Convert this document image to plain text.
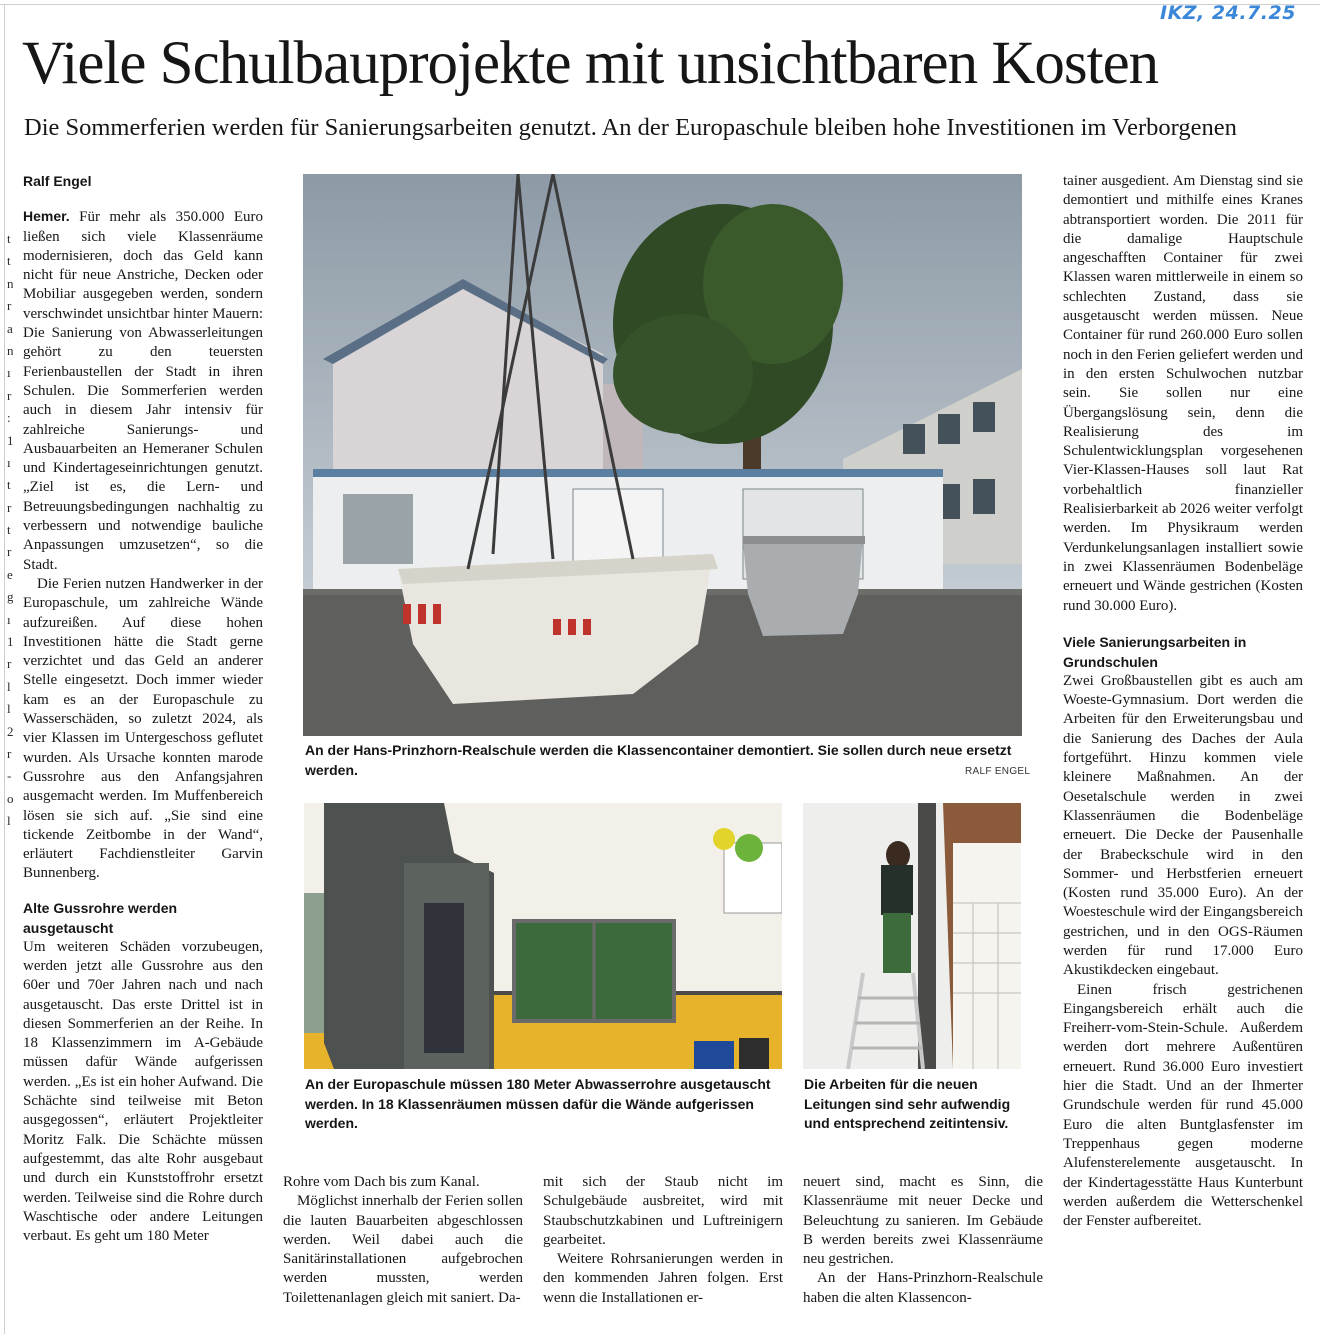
IKZ, 24.7.25
Viele Schulbauprojekte mit unsichtbaren Kosten
Die Sommerferien werden für Sanierungsarbeiten genutzt. An der Europaschule bleiben hohe Investitionen im Verborgenen
t
t
n
r
a
n
ı
r
:
1
ı
t
r
t
r
e
g
ı
1
r
l
l
2
r
-
o
l

Ralf Engel

Hemer. Für mehr als 350.000 Euro ließen sich viele Klassenräume modernisieren, doch das Geld kann nicht für neue Anstriche, Decken oder Mobiliar ausgegeben werden, sondern verschwindet unsichtbar hinter Mauern: Die Sanierung von Abwasserleitungen gehört zu den teuersten Ferienbaustellen der Stadt in ihren Schulen. Die Sommerferien werden auch in diesem Jahr intensiv für zahlreiche Sanierungs- und Ausbauarbeiten an Hemeraner Schulen und Kindertageseinrichtungen genutzt. „Ziel ist es, die Lern- und Betreuungsbedingungen nachhaltig zu verbessern und notwendige bauliche Anpassungen umzusetzen“, so die Stadt.

Die Ferien nutzen Handwerker in der Europaschule, um zahlreiche Wände aufzureißen. Auf diese hohen Investitionen hätte die Stadt gerne verzichtet und das Geld an anderer Stelle eingesetzt. Doch immer wieder kam es an der Europaschule zu Wasserschäden, so zuletzt 2024, als vier Klassen im Untergeschoss geflutet wurden. Als Ursache konnten marode Gussrohre aus den Anfangsjahren ausgemacht werden. Im Muffenbereich lösen sie sich auf. „Sie sind eine tickende Zeitbombe in der Wand“, erläutert Fachdienstleiter Garvin Bunnenberg.

Alte Gussrohre werden ausgetauscht

Um weiteren Schäden vorzubeugen, werden jetzt alle Gussrohre aus den 60er und 70er Jahren nach und nach ausgetauscht. Das erste Drittel ist in diesen Sommerferien an der Reihe. In 18 Klassenzimmern im A-Gebäude müssen dafür Wände aufgerissen werden. „Es ist ein hoher Aufwand. Die Schächte sind teilweise mit Beton ausgegossen“, erläutert Projektleiter Moritz Falk. Die Schächte müssen aufgestemmt, das alte Rohr ausgebaut und durch ein Kunststoffrohr ersetzt werden. Teilweise sind die Rohre durch Waschtische oder andere Leitungen verbaut. Es geht um 180 Meter

An der Hans-Prinzhorn-Realschule werden die Klassencontainer demontiert. Sie sollen durch neue ersetzt werden.	RALF ENGEL
An der Europaschule müssen 180 Meter Abwasserrohre ausgetauscht werden. In 18 Klassenräumen müssen dafür die Wände aufgerissen werden.
Die Arbeiten für die neuen Leitungen sind sehr aufwendig und entsprechend zeitintensiv.

Rohre vom Dach bis zum Kanal.

Möglichst innerhalb der Ferien sollen die lauten Bauarbeiten abgeschlossen werden. Weil dabei auch die Sanitärinstallationen aufgebrochen werden mussten, werden Toilettenanlagen gleich mit saniert. Da-

mit sich der Staub nicht im Schulgebäude ausbreitet, wird mit Staubschutzkabinen und Luftreinigern gearbeitet.

Weitere Rohrsanierungen werden in den kommenden Jahren folgen. Erst wenn die Installationen er-

neuert sind, macht es Sinn, die Klassenräume mit neuer Decke und Beleuchtung zu sanieren. Im Gebäude B werden bereits zwei Klassenräume neu gestrichen.

An der Hans-Prinzhorn-Realschule haben die alten Klassencon-

tainer ausgedient. Am Dienstag sind sie demontiert und mithilfe eines Kranes abtransportiert worden. Die 2011 für die damalige Hauptschule angeschafften Container für zwei Klassen waren mittlerweile in einem so schlechten Zustand, dass sie ausgetauscht werden müssen. Neue Container für rund 260.000 Euro sollen noch in den Ferien geliefert werden und in den ersten Schulwochen nutzbar sein. Sie sollen nur eine Übergangslösung sein, denn die Realisierung des im Schulentwicklungsplan vorgesehenen Vier-Klassen-Hauses soll laut Rat vorbehaltlich finanzieller Realisierbarkeit ab 2026 weiter verfolgt werden. Im Physikraum werden Verdunkelungsanlagen installiert sowie in zwei Klassenräumen Bodenbeläge erneuert und Wände gestrichen (Kosten rund 30.000 Euro).

Viele Sanierungsarbeiten in Grundschulen

Zwei Großbaustellen gibt es auch am Woeste-Gymnasium. Dort werden die Arbeiten für den Erweiterungsbau und die Sanierung des Daches der Aula fortgeführt. Hinzu kommen viele kleinere Maßnahmen. An der Oesetalschule werden in zwei Klassenräumen die Bodenbeläge erneuert. Die Decke der Pausenhalle der Brabeckschule wird in den Sommer- und Herbstferien erneuert (Kosten rund 35.000 Euro). An der Woesteschule wird der Eingangsbereich gestrichen, und in den OGS-Räumen werden für rund 17.000 Euro Akustikdecken eingebaut.

Einen frisch gestrichenen Eingangsbereich erhält auch die Freiherr-vom-Stein-Schule. Außerdem werden dort mehrere Außentüren erneuert. Rund 36.000 Euro investiert hier die Stadt. Und an der Ihmerter Grundschule werden für rund 45.000 Euro die alten Buntglasfenster im Treppenhaus gegen moderne Alufensterelemente ausgetauscht. In der Kindertagesstätte Haus Kunterbunt werden außerdem die Wetterschenkel der Fenster aufbereitet.
